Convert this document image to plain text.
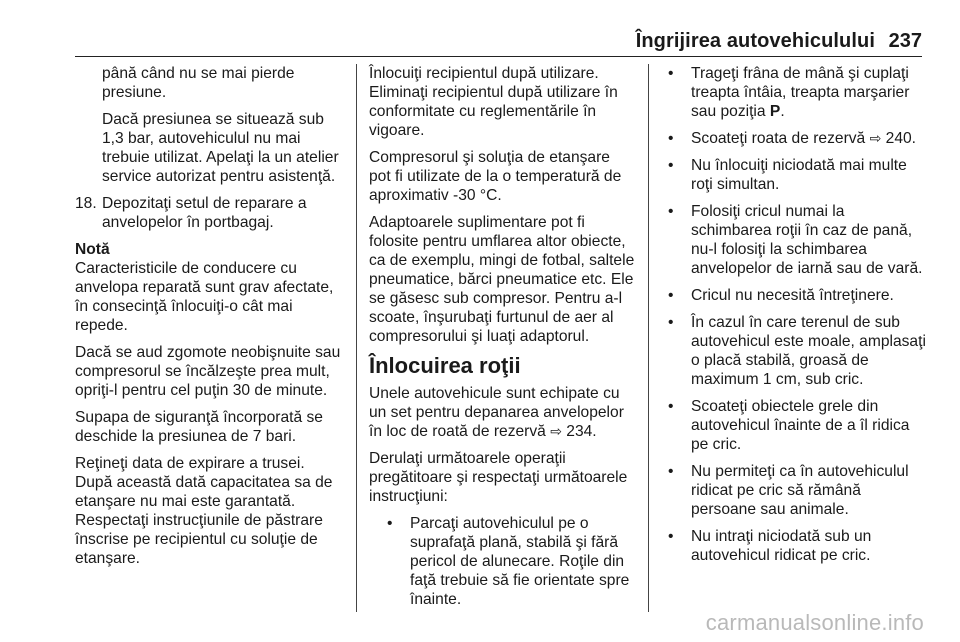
Îngrijirea autovehiculului 237

până când nu se mai pierde presiune.

Dacă presiunea se situează sub 1,3 bar, autovehiculul nu mai trebuie utilizat. Apelaţi la un atelier service autorizat pentru asistenţă.

18. Depozitaţi setul de reparare a anvelopelor în portbagaj.

Notă

Caracteristicile de conducere cu anvelopa reparată sunt grav afectate, în consecinţă înlocuiţi-o cât mai repede.

Dacă se aud zgomote neobişnuite sau compresorul se încălzeşte prea mult, opriţi-l pentru cel puţin 30 de minute.

Supapa de siguranţă încorporată se deschide la presiunea de 7 bari.

Reţineţi data de expirare a trusei. După această dată capacitatea sa de etanşare nu mai este garantată. Respectaţi instrucţiunile de păstrare înscrise pe recipientul cu soluţie de etanşare.

Înlocuiţi recipientul după utilizare. Eliminaţi recipientul după utilizare în conformitate cu reglementările în vigoare.

Compresorul şi soluţia de etanşare pot fi utilizate de la o temperatură de aproximativ -30 °C.

Adaptoarele suplimentare pot fi folosite pentru umflarea altor obiecte, ca de exemplu, mingi de fotbal, saltele pneumatice, bărci pneumatice etc. Ele se găsesc sub compresor. Pentru a-l scoate, înşurubaţi furtunul de aer al compresorului şi luaţi adaptorul.

Înlocuirea roţii

Unele autovehicule sunt echipate cu un set pentru depanarea anvelopelor în loc de roată de rezervă ⇨ 234.

Derulaţi următoarele operaţii pregătitoare şi respectaţi următoarele instrucţiuni:

• Parcaţi autovehiculul pe o suprafaţă plană, stabilă şi fără pericol de alunecare. Roţile din faţă trebuie să fie orientate spre înainte.
• Trageţi frâna de mână şi cuplaţi treapta întâia, treapta marşarier sau poziţia P.
• Scoateţi roata de rezervă ⇨ 240.
• Nu înlocuiţi niciodată mai multe roţi simultan.
• Folosiţi cricul numai la schimbarea roţii în caz de pană, nu-l folosiţi la schimbarea anvelopelor de iarnă sau de vară.
• Cricul nu necesită întreţinere.
• În cazul în care terenul de sub autovehicul este moale, amplasaţi o placă stabilă, groasă de maximum 1 cm, sub cric.
• Scoateţi obiectele grele din autovehicul înainte de a îl ridica pe cric.
• Nu permiteţi ca în autovehiculul ridicat pe cric să rămână persoane sau animale.
• Nu intraţi niciodată sub un autovehicul ridicat pe cric.
carmanualsonline.info
